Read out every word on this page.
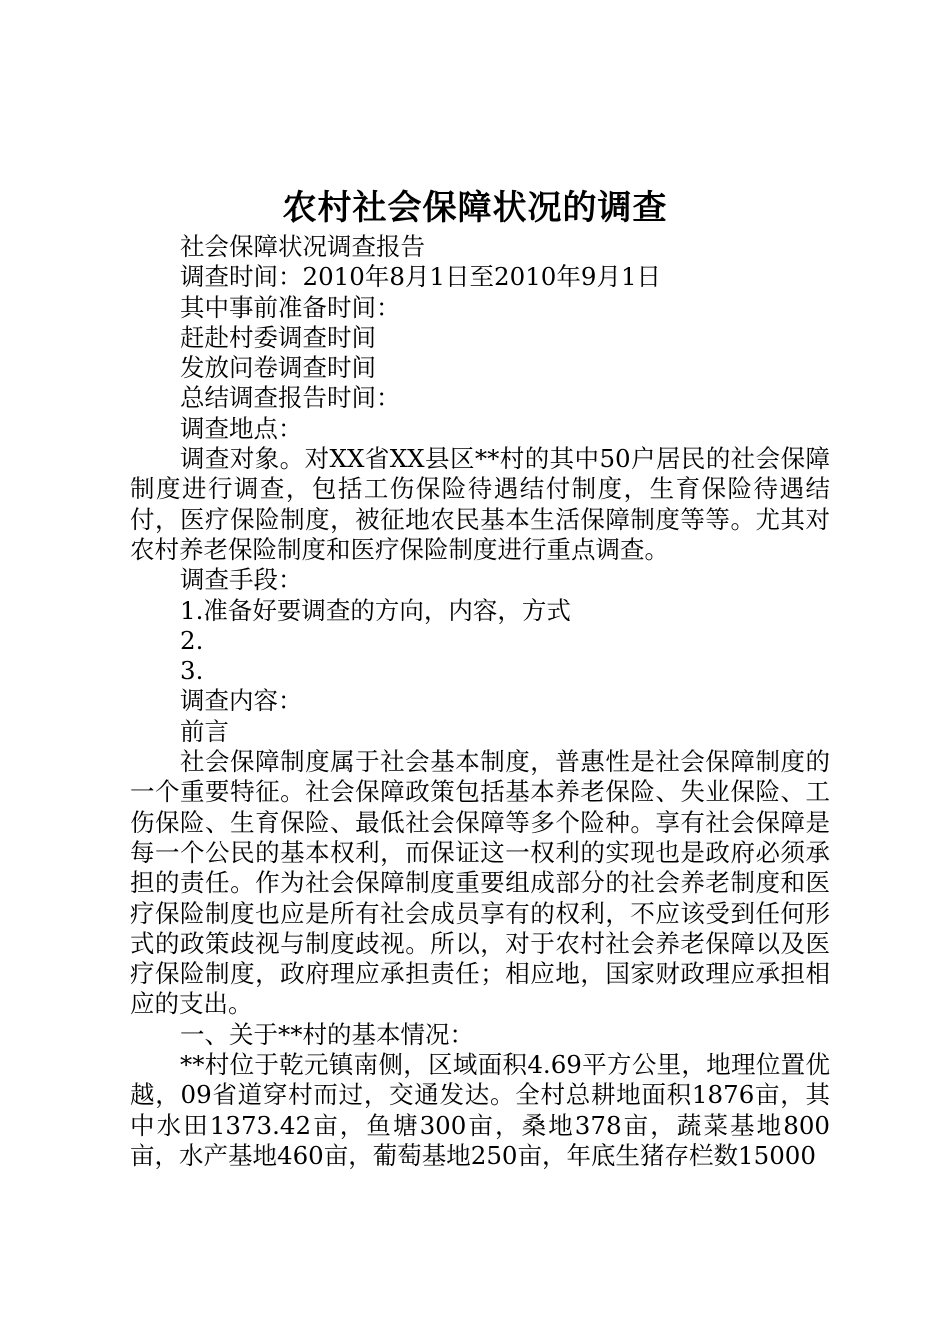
农村社会保障状况的调查

社会保障状况调查报告

调查时间：2010年8月1日至2010年9月1日

其中事前准备时间：

赶赴村委调查时间

发放问卷调查时间

总结调查报告时间：

调查地点：

调查对象。对XX省XX县区**村的其中50户居民的社会保障制度进行调查，包括工伤保险待遇结付制度，生育保险待遇结付，医疗保险制度，被征地农民基本生活保障制度等等。尤其对农村养老保险制度和医疗保险制度进行重点调查。

调查手段：

1.准备好要调查的方向，内容，方式

2.

3.

调查内容：

前言

社会保障制度属于社会基本制度，普惠性是社会保障制度的一个重要特征。社会保障政策包括基本养老保险、失业保险、工伤保险、生育保险、最低社会保障等多个险种。享有社会保障是每一个公民的基本权利，而保证这一权利的实现也是政府必须承担的责任。作为社会保障制度重要组成部分的社会养老制度和医疗保险制度也应是所有社会成员享有的权利，不应该受到任何形式的政策歧视与制度歧视。所以，对于农村社会养老保障以及医疗保险制度，政府理应承担责任；相应地，国家财政理应承担相应的支出。

一、关于**村的基本情况：

**村位于乾元镇南侧，区域面积4.69平方公里，地理位置优越，09省道穿村而过，交通发达。全村总耕地面积1876亩，其中水田1373.42亩，鱼塘300亩，桑地378亩，蔬菜基地800亩，水产基地460亩，葡萄基地250亩，年底生猪存栏数15000
